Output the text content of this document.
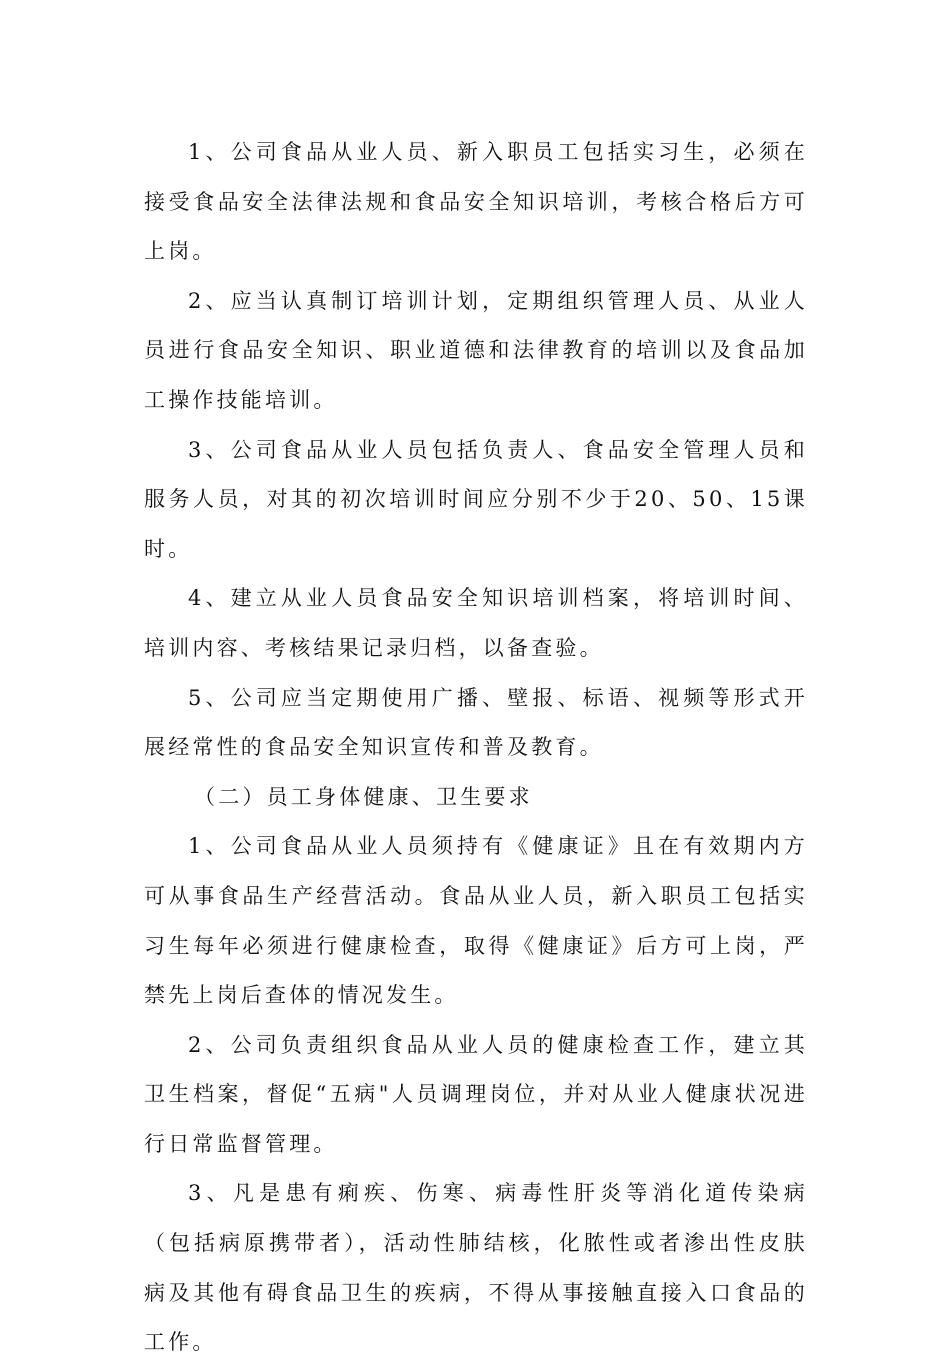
1、公司食品从业人员、新入职员工包括实习生，必须在接受食品安全法律法规和食品安全知识培训，考核合格后方可上岗。

2、应当认真制订培训计划，定期组织管理人员、从业人员进行食品安全知识、职业道德和法律教育的培训以及食品加工操作技能培训。

3、公司食品从业人员包括负责人、食品安全管理人员和服务人员，对其的初次培训时间应分别不少于20、50、15课时。

4、建立从业人员食品安全知识培训档案，将培训时间、培训内容、考核结果记录归档，以备查验。

5、公司应当定期使用广播、壁报、标语、视频等形式开展经常性的食品安全知识宣传和普及教育。

（二）员工身体健康、卫生要求

1、公司食品从业人员须持有《健康证》且在有效期内方可从事食品生产经营活动。食品从业人员，新入职员工包括实习生每年必须进行健康检查，取得《健康证》后方可上岗，严禁先上岗后查体的情况发生。

2、公司负责组织食品从业人员的健康检查工作，建立其卫生档案，督促“五病"人员调理岗位，并对从业人健康状况进行日常监督管理。

3、凡是患有痢疾、伤寒、病毒性肝炎等消化道传染病（包括病原携带者），活动性肺结核，化脓性或者渗出性皮肤病及其他有碍食品卫生的疾病，不得从事接触直接入口食品的工作。
